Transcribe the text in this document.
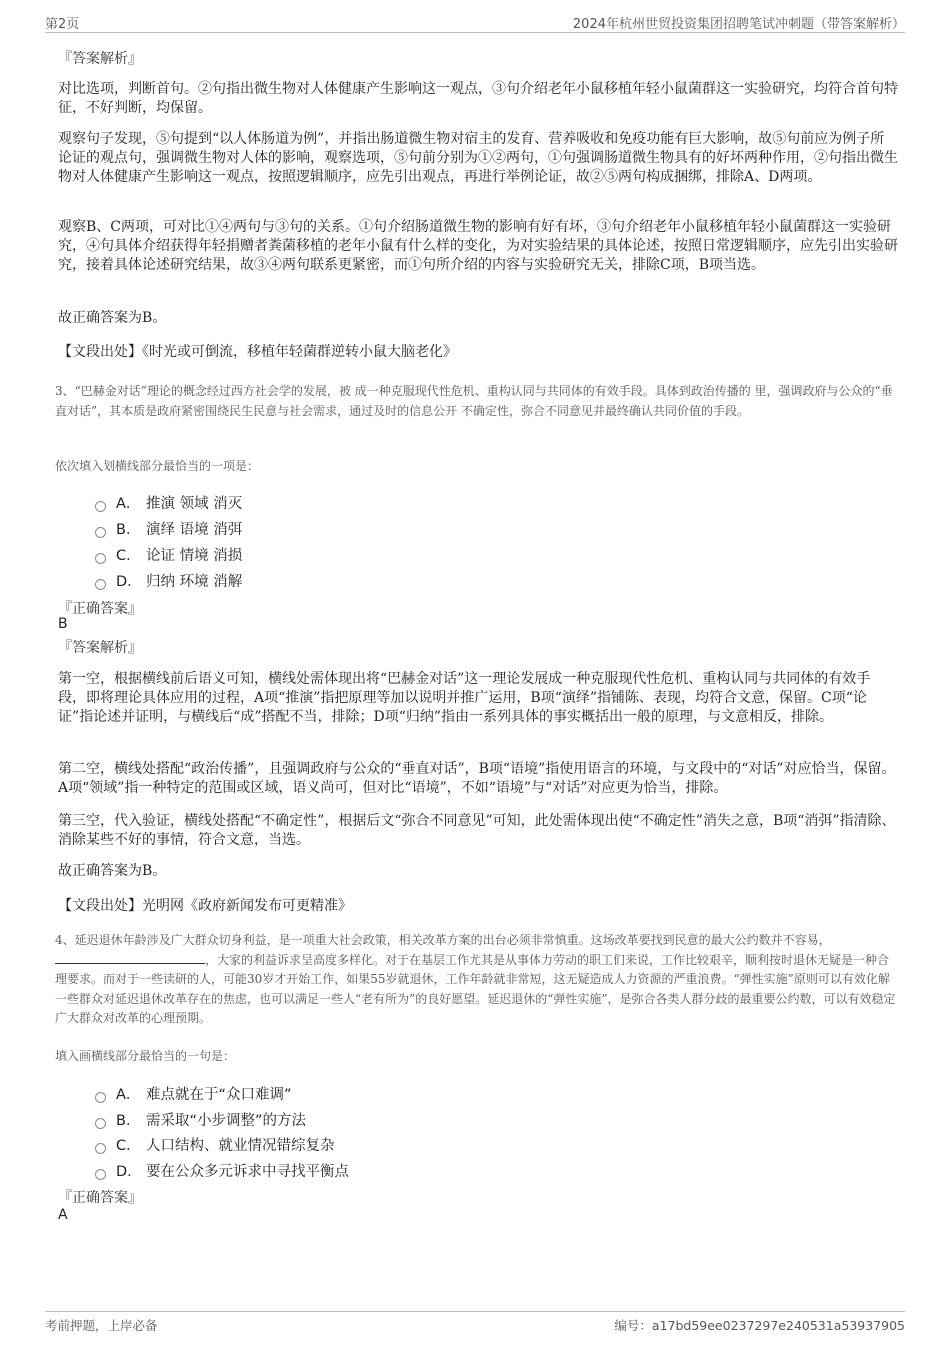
第2页	2024年杭州世贸投资集团招聘笔试冲刺题（带答案解析）
『答案解析』
对比选项，判断首句。②句指出微生物对人体健康产生影响这一观点，③句介绍老年小鼠移植年轻小鼠菌群这一实验研究，均符合首句特征，不好判断，均保留。
观察句子发现，⑤句提到“以人体肠道为例”，并指出肠道微生物对宿主的发育、营养吸收和免疫功能有巨大影响，故⑤句前应为例子所论证的观点句，强调微生物对人体的影响，观察选项，⑤句前分别为①②两句，①句强调肠道微生物具有的好坏两种作用，②句指出微生物对人体健康产生影响这一观点，按照逻辑顺序，应先引出观点，再进行举例论证，故②⑤两句构成捆绑，排除A、D两项。
观察B、C两项，可对比①④两句与③句的关系。①句介绍肠道微生物的影响有好有坏，③句介绍老年小鼠移植年轻小鼠菌群这一实验研究，④句具体介绍获得年轻捐赠者粪菌移植的老年小鼠有什么样的变化，为对实验结果的具体论述，按照日常逻辑顺序，应先引出实验研究，接着具体论述研究结果，故③④两句联系更紧密，而①句所介绍的内容与实验研究无关，排除C项，B项当选。
故正确答案为B。
【文段出处】《时光或可倒流，移植年轻菌群逆转小鼠大脑老化》
3、“巴赫金对话”理论的概念经过西方社会学的发展，被 成一种克服现代性危机、重构认同与共同体的有效手段。具体到政治传播的 里，强调政府与公众的“垂直对话”，其本质是政府紧密围绕民生民意与社会需求，通过及时的信息公开 不确定性，弥合不同意见并最终确认共同价值的手段。
依次填入划横线部分最恰当的一项是：
A． 推演 领域 消灭
B． 演绎 语境 消弭
C． 论证 情境 消损
D． 归纳 环境 消解
『正确答案』
B
『答案解析』
第一空，根据横线前后语义可知，横线处需体现出将“巴赫金对话”这一理论发展成一种克服现代性危机、重构认同与共同体的有效手段，即将理论具体应用的过程，A项“推演”指把原理等加以说明并推广运用，B项“演绎”指铺陈、表现，均符合文意，保留。C项“论证”指论述并证明，与横线后“成”搭配不当，排除；D项“归纳”指由一系列具体的事实概括出一般的原理，与文意相反，排除。
第二空，横线处搭配“政治传播”，且强调政府与公众的“垂直对话”，B项“语境”指使用语言的环境，与文段中的“对话”对应恰当，保留。A项“领域”指一种特定的范围或区域，语义尚可，但对比“语境”，不如“语境”与“对话”对应更为恰当，排除。
第三空，代入验证，横线处搭配“不确定性”，根据后文“弥合不同意见”可知，此处需体现出使“不确定性”消失之意，B项“消弭”指清除、消除某些不好的事情，符合文意，当选。
故正确答案为B。
【文段出处】光明网《政府新闻发布可更精准》
4、延迟退休年龄涉及广大群众切身利益，是一项重大社会政策，相关改革方案的出台必须非常慎重。这场改革要找到民意的最大公约数并不容易，，大家的利益诉求呈高度多样化。对于在基层工作尤其是从事体力劳动的职工们来说，工作比较艰辛，顺利按时退休无疑是一种合理要求。而对于一些读研的人，可能30岁才开始工作，如果55岁就退休，工作年龄就非常短，这无疑造成人力资源的严重浪费。“弹性实施”原则可以有效化解一些群众对延迟退休改革存在的焦虑，也可以满足一些人“老有所为”的良好愿望。延迟退休的“弹性实施”，是弥合各类人群分歧的最重要公约数，可以有效稳定广大群众对改革的心理预期。
填入画横线部分最恰当的一句是：
A． 难点就在于“众口难调”
B． 需采取“小步调整”的方法
C． 人口结构、就业情况错综复杂
D． 要在公众多元诉求中寻找平衡点
『正确答案』
A
考前押题，上岸必备	编号：a17bd59ee0237297e240531a53937905
